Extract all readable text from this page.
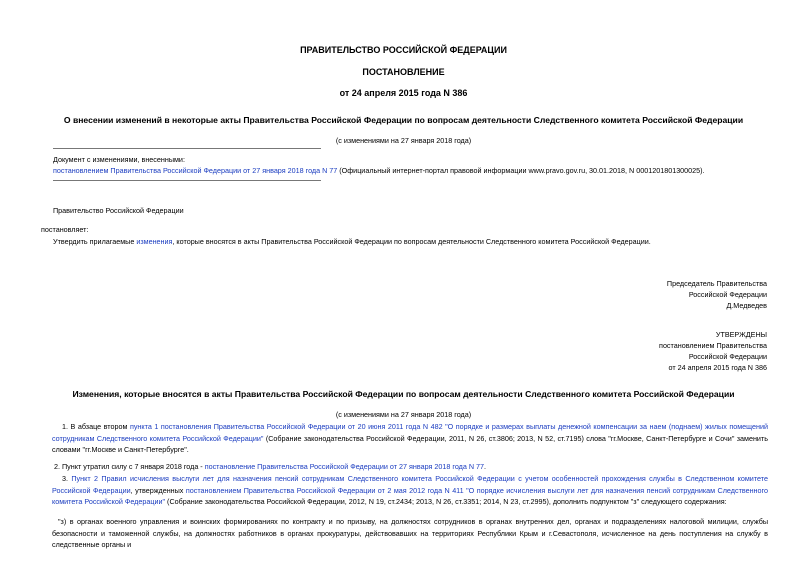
ПРАВИТЕЛЬСТВО РОССИЙСКОЙ ФЕДЕРАЦИИ
ПОСТАНОВЛЕНИЕ
от 24 апреля 2015 года N 386
О внесении изменений в некоторые акты Правительства Российской Федерации по вопросам деятельности Следственного комитета Российской Федерации
(с изменениями на 27 января 2018 года)
Документ с изменениями, внесенными:
постановлением Правительства Российской Федерации от 27 января 2018 года N 77 (Официальный интернет-портал правовой информации www.pravo.gov.ru, 30.01.2018, N 0001201801300025).
Правительство Российской Федерации
постановляет:
Утвердить прилагаемые изменения, которые вносятся в акты Правительства Российской Федерации по вопросам деятельности Следственного комитета Российской Федерации.
Председатель Правительства
Российской Федерации
Д.Медведев
УТВЕРЖДЕНЫ
постановлением Правительства
Российской Федерации
от 24 апреля 2015 года N 386
Изменения, которые вносятся в акты Правительства Российской Федерации по вопросам деятельности Следственного комитета Российской Федерации
(с изменениями на 27 января 2018 года)
1. В абзаце втором пункта 1 постановления Правительства Российской Федерации от 20 июня 2011 года N 482 "О порядке и размерах выплаты денежной компенсации за наем (поднаем) жилых помещений сотрудникам Следственного комитета Российской Федерации" (Собрание законодательства Российской Федерации, 2011, N 26, ст.3806; 2013, N 52, ст.7195) слова "гг.Москве, Санкт-Петербурге и Сочи" заменить словами "гг.Москве и Санкт-Петербурге".
2. Пункт утратил силу с 7 января 2018 года - постановление Правительства Российской Федерации от 27 января 2018 года N 77.
3. Пункт 2 Правил исчисления выслуги лет для назначения пенсий сотрудникам Следственного комитета Российской Федерации с учетом особенностей прохождения службы в Следственном комитете Российской Федерации, утвержденных постановлением Правительства Российской Федерации от 2 мая 2012 года N 411 "О порядке исчисления выслуги лет для назначения пенсий сотрудникам Следственного комитета Российской Федерации" (Собрание законодательства Российской Федерации, 2012, N 19, ст.2434; 2013, N 26, ст.3351; 2014, N 23, ст.2995), дополнить подпунктом "з" следующего содержания:
"з) в органах военного управления и воинских формированиях по контракту и по призыву, на должностях сотрудников в органах внутренних дел, органах и подразделениях налоговой милиции, службы безопасности и таможенной службы, на должностях работников в органах прокуратуры, действовавших на территориях Республики Крым и г.Севастополя, исчисленное на день поступления на службу в следственные органы и
